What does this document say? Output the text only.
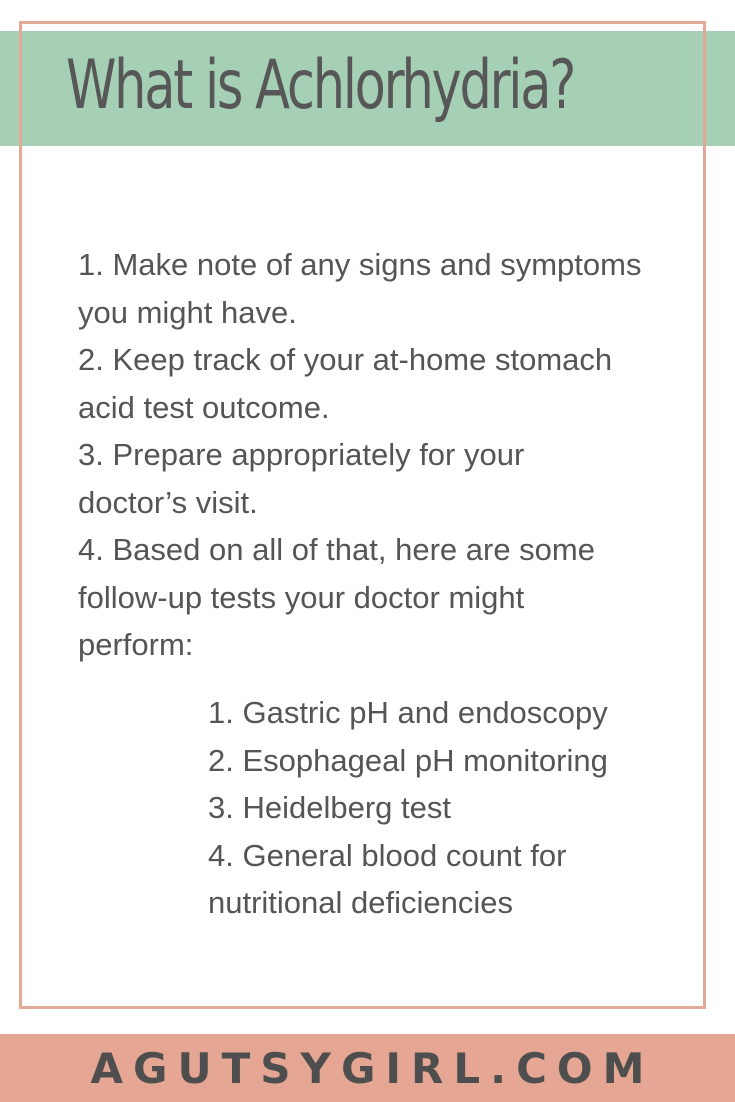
What is Achlorhydria?
1. Make note of any signs and symptoms
you might have.
2. Keep track of your at-home stomach
acid test outcome.
3. Prepare appropriately for your
doctor’s visit.
4. Based on all of that, here are some
follow-up tests your doctor might
perform:
1. Gastric pH and endoscopy
2. Esophageal pH monitoring
3. Heidelberg test
4. General blood count for
nutritional deficiencies
AGUTSYGIRL.COM
